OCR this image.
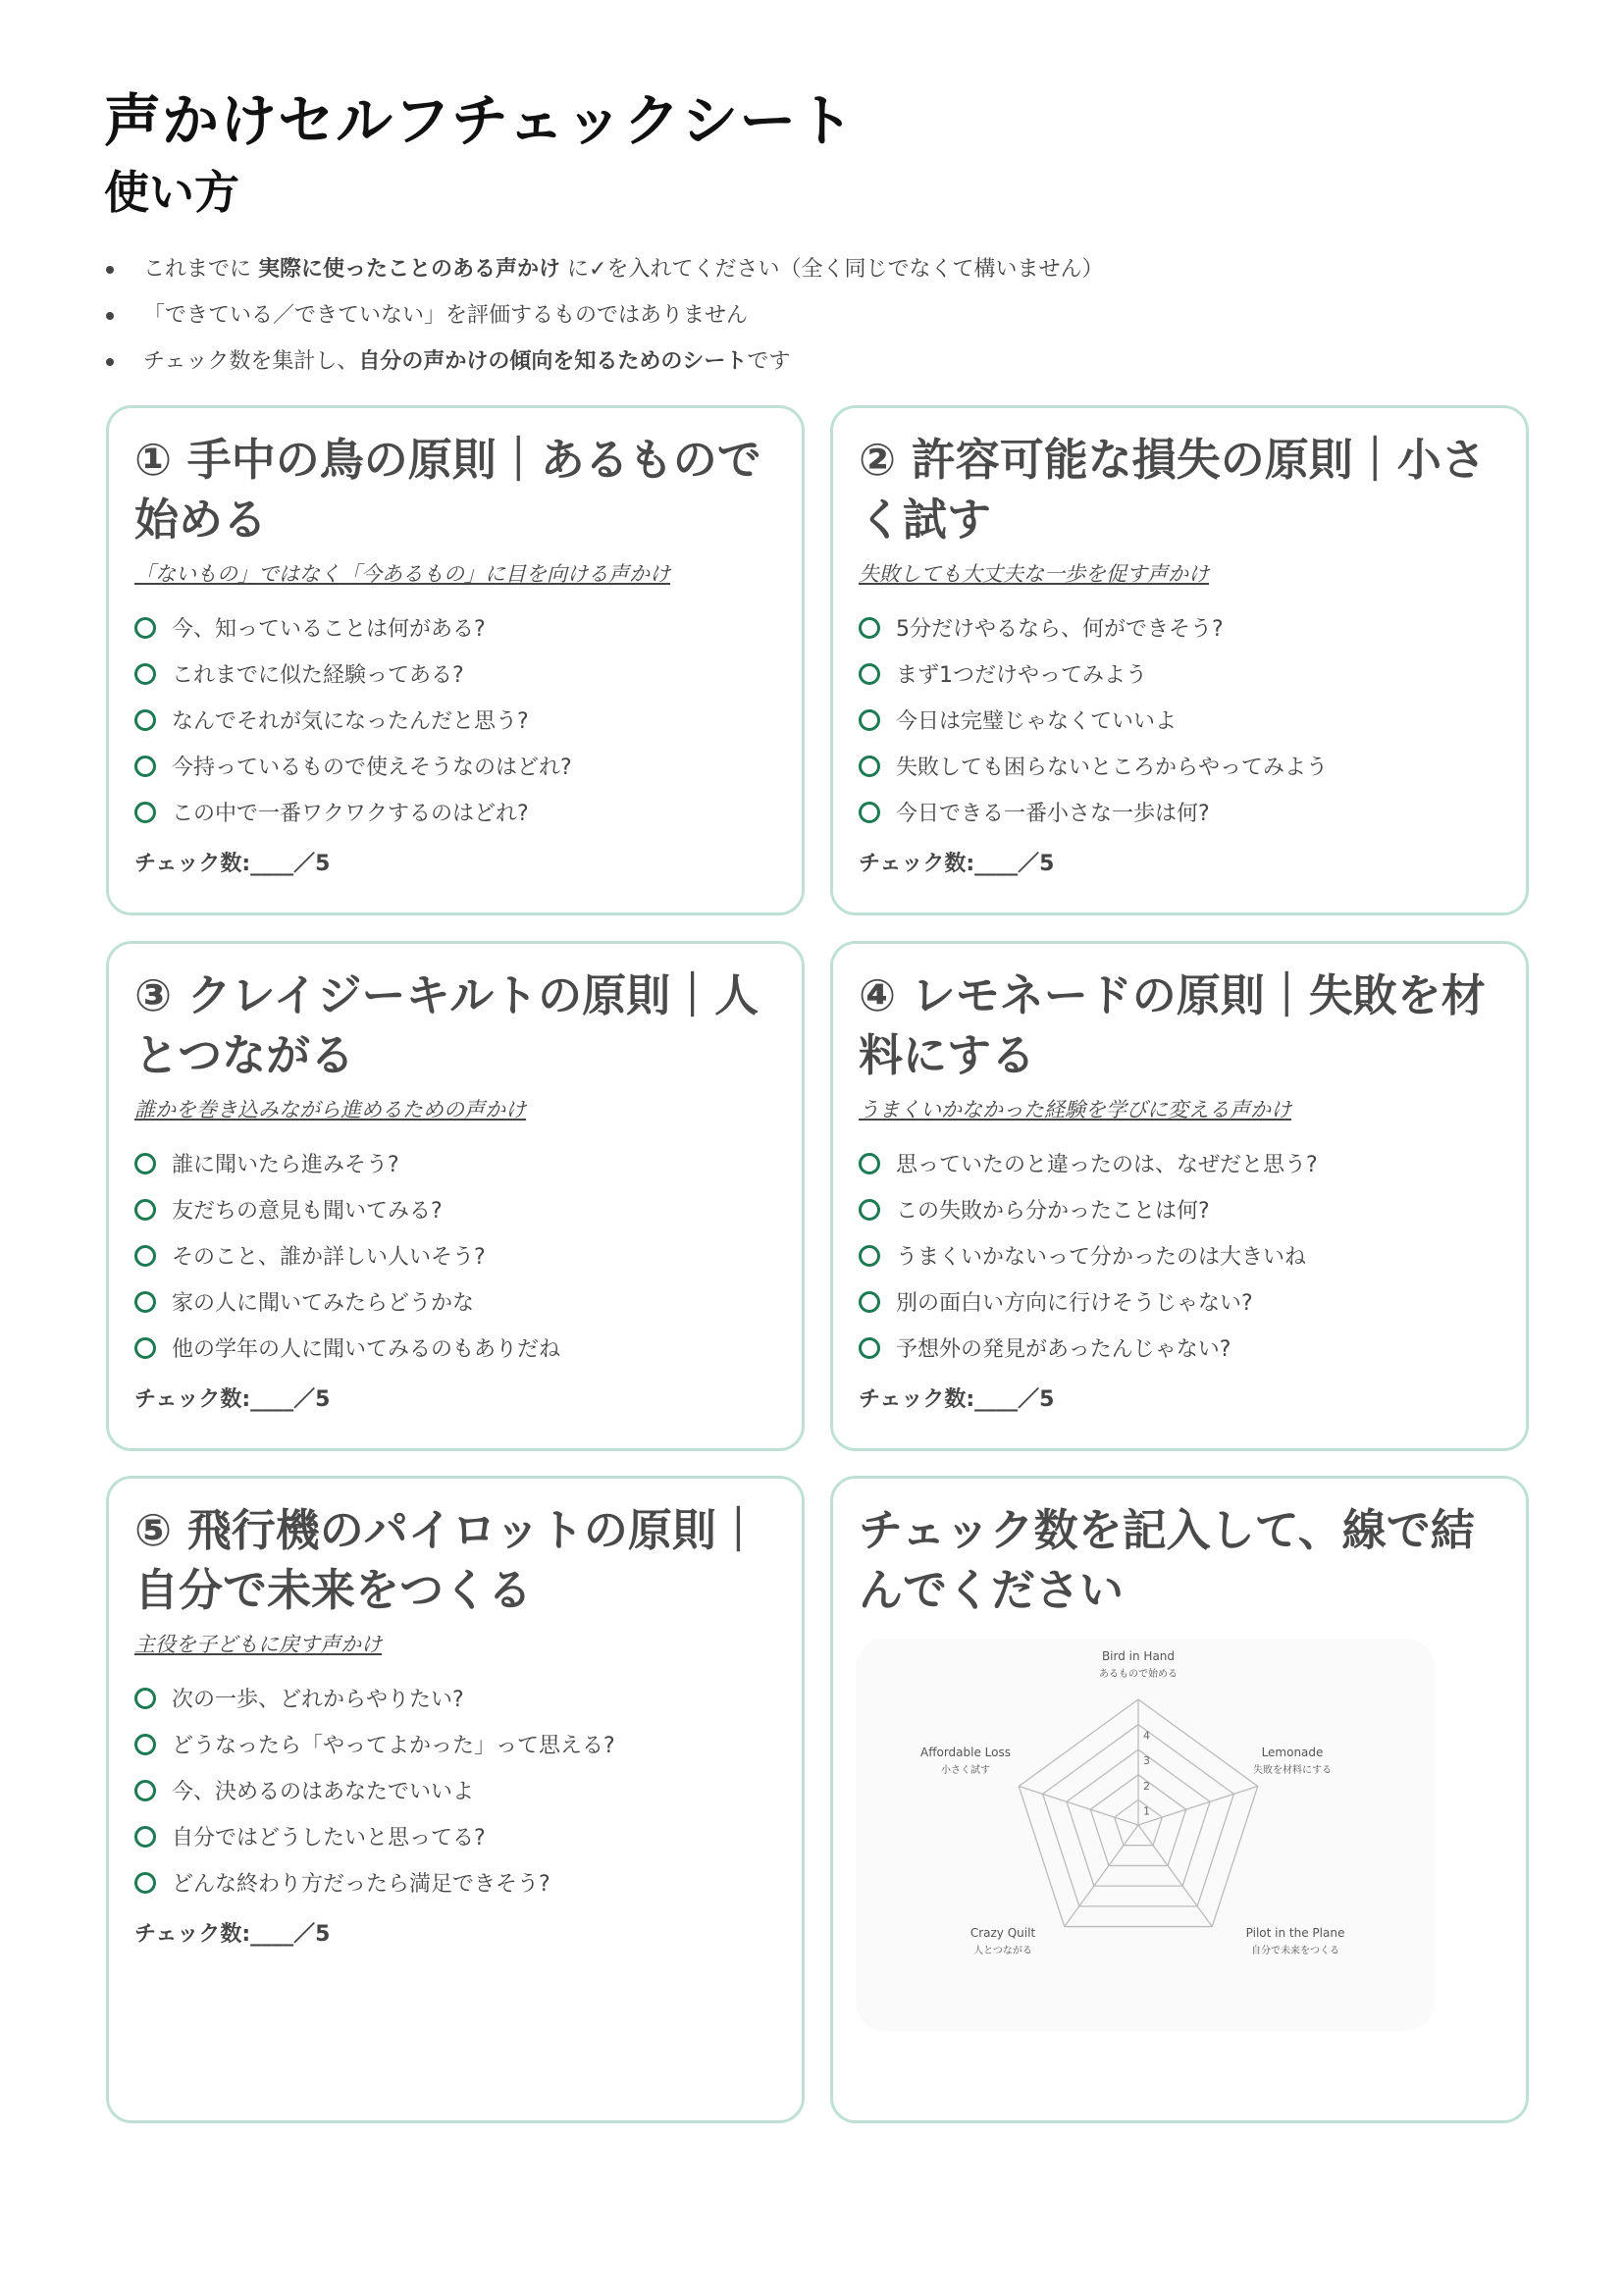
声かけセルフチェックシート
使い方
これまでに 実際に使ったことのある声かけ に✓を入れてください（全く同じでなくて構いません）
「できている／できていない」を評価するものではありません
チェック数を集計し、自分の声かけの傾向を知るためのシートです
① 手中の鳥の原則｜あるもので始める
「ないもの」ではなく「今あるもの」に目を向ける声かけ
今、知っていることは何がある?
これまでに似た経験ってある?
なんでそれが気になったんだと思う?
今持っているもので使えそうなのはどれ?
この中で一番ワクワクするのはどれ?
チェック数:____／5
② 許容可能な損失の原則｜小さく試す
失敗しても大丈夫な一歩を促す声かけ
5分だけやるなら、何ができそう?
まず1つだけやってみよう
今日は完璧じゃなくていいよ
失敗しても困らないところからやってみよう
今日できる一番小さな一歩は何?
チェック数:____／5
③ クレイジーキルトの原則｜人とつながる
誰かを巻き込みながら進めるための声かけ
誰に聞いたら進みそう?
友だちの意見も聞いてみる?
そのこと、誰か詳しい人いそう?
家の人に聞いてみたらどうかな
他の学年の人に聞いてみるのもありだね
チェック数:____／5
④ レモネードの原則｜失敗を材料にする
うまくいかなかった経験を学びに変える声かけ
思っていたのと違ったのは、なぜだと思う?
この失敗から分かったことは何?
うまくいかないって分かったのは大きいね
別の面白い方向に行けそうじゃない?
予想外の発見があったんじゃない?
チェック数:____／5
⑤ 飛行機のパイロットの原則｜自分で未来をつくる
主役を子どもに戻す声かけ
次の一歩、どれからやりたい?
どうなったら「やってよかった」って思える?
今、決めるのはあなたでいいよ
自分ではどうしたいと思ってる?
どんな終わり方だったら満足できそう?
チェック数:____／5
チェック数を記入して、線で結んでください
1
2
3
4
Bird in Hand
あるもので始める
Lemonade
失敗を材料にする
Pilot in the Plane
自分で未来をつくる
Crazy Quilt
人とつながる
Affordable Loss
小さく試す
